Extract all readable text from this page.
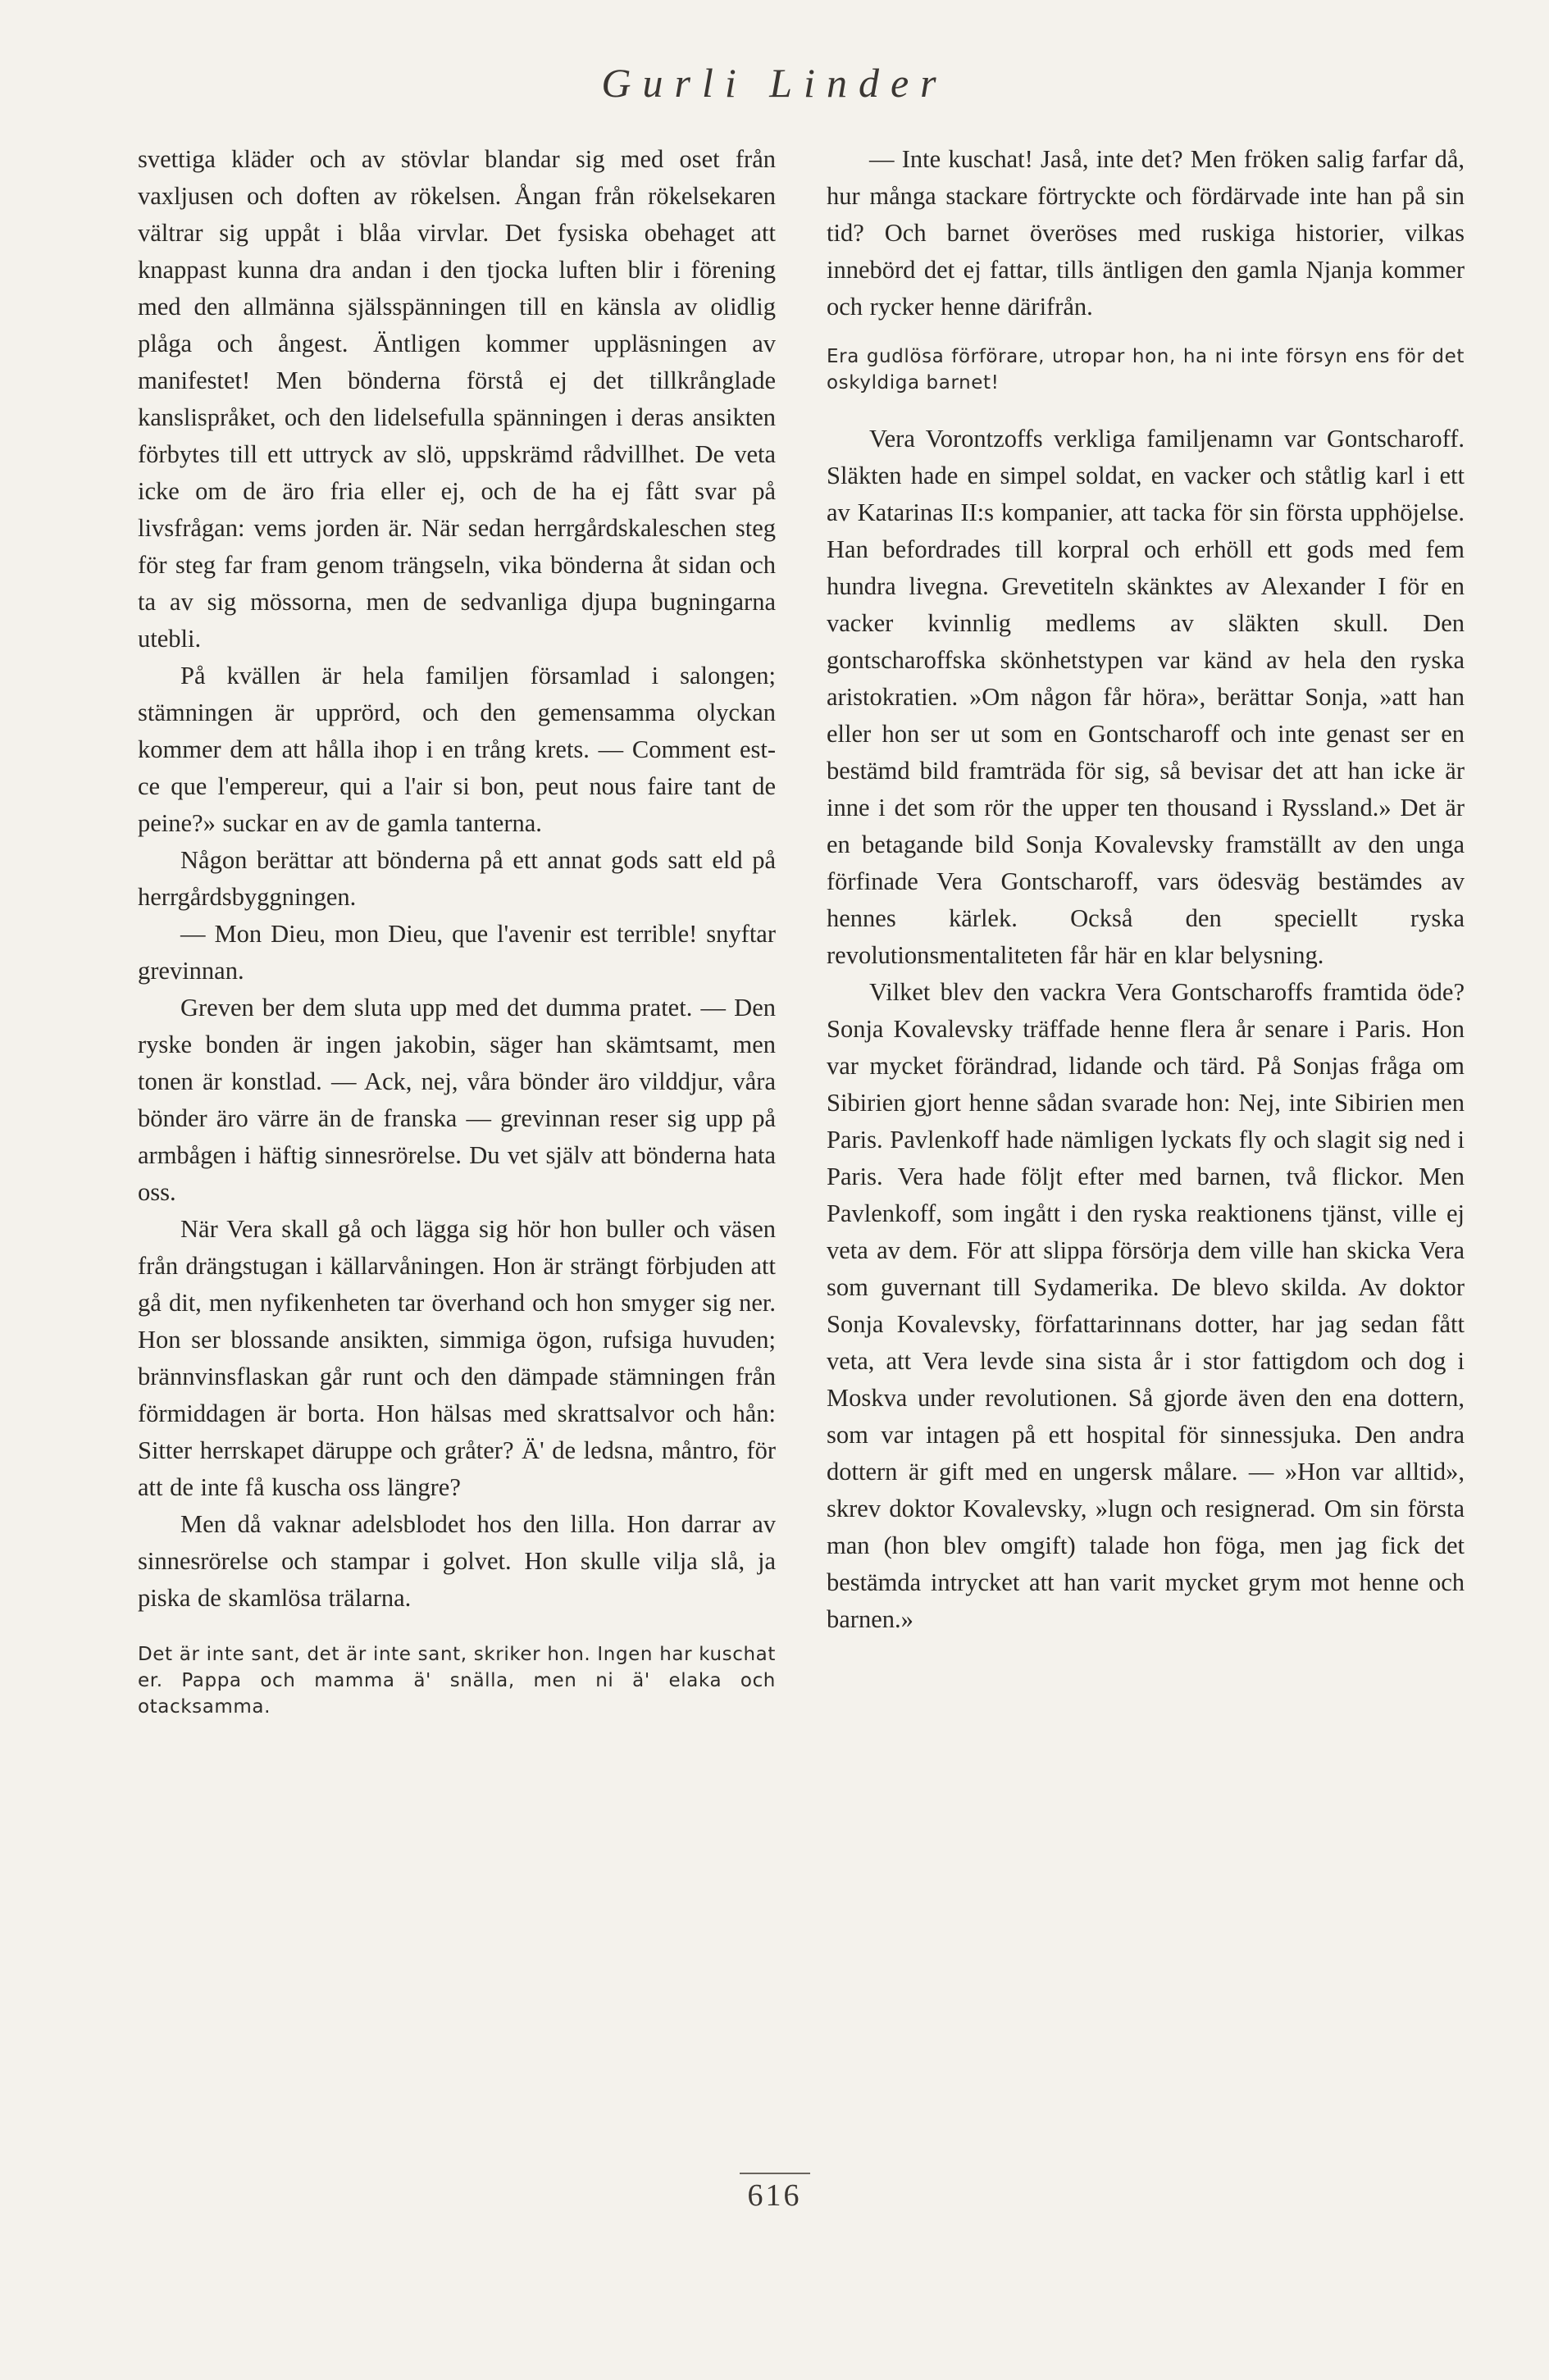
Gurli Linder

svettiga kläder och av stövlar blandar sig med oset från vaxljusen och doften av rökelsen. Ångan från rökelsekaren vältrar sig uppåt i blåa virvlar. Det fysiska obehaget att knappast kunna dra andan i den tjocka luften blir i förening med den allmänna själsspänningen till en känsla av olidlig plåga och ångest. Äntligen kommer uppläsningen av manifestet! Men bönderna förstå ej det tillkrånglade kanslispråket, och den lidelsefulla spänningen i deras ansikten förbytes till ett uttryck av slö, uppskrämd rådvillhet. De veta icke om de äro fria eller ej, och de ha ej fått svar på livsfrågan: vems jorden är. När sedan herrgårdskaleschen steg för steg far fram genom trängseln, vika bönderna åt sidan och ta av sig mössorna, men de sedvanliga djupa bugningarna utebli.

På kvällen är hela familjen församlad i salongen; stämningen är upprörd, och den gemensamma olyckan kommer dem att hålla ihop i en trång krets. — Comment est-ce que l'empereur, qui a l'air si bon, peut nous faire tant de peine?» suckar en av de gamla tanterna.

Någon berättar att bönderna på ett annat gods satt eld på herrgårdsbyggningen.

— Mon Dieu, mon Dieu, que l'avenir est terrible! snyftar grevinnan.

Greven ber dem sluta upp med det dumma pratet. — Den ryske bonden är ingen jakobin, säger han skämtsamt, men tonen är konstlad. — Ack, nej, våra bönder äro vilddjur, våra bönder äro värre än de franska — grevinnan reser sig upp på armbågen i häftig sinnesrörelse. Du vet själv att bönderna hata oss.

När Vera skall gå och lägga sig hör hon buller och väsen från drängstugan i källarvåningen. Hon är strängt förbjuden att gå dit, men nyfikenheten tar överhand och hon smyger sig ner. Hon ser blossande ansikten, simmiga ögon, rufsiga huvuden; brännvinsflaskan går runt och den dämpade stämningen från förmiddagen är borta. Hon hälsas med skrattsalvor och hån: Sitter herrskapet däruppe och gråter? Ä' de ledsna, måntro, för att de inte få kuscha oss längre?

Men då vaknar adelsblodet hos den lilla. Hon darrar av sinnesrörelse och stampar i golvet. Hon skulle vilja slå, ja piska de skamlösa trälarna.

Det är inte sant, det är inte sant, skriker hon. Ingen har kuschat er. Pappa och mamma ä' snälla, men ni ä' elaka och otacksamma.

— Inte kuschat! Jaså, inte det? Men fröken salig farfar då, hur många stackare förtryckte och fördärvade inte han på sin tid? Och barnet överöses med ruskiga historier, vilkas innebörd det ej fattar, tills äntligen den gamla Njanja kommer och rycker henne därifrån.

Era gudlösa förförare, utropar hon, ha ni inte försyn ens för det oskyldiga barnet!

Vera Vorontzoffs verkliga familjenamn var Gontscharoff. Släkten hade en simpel soldat, en vacker och ståtlig karl i ett av Katarinas II:s kompanier, att tacka för sin första upphöjelse. Han befordrades till korpral och erhöll ett gods med fem hundra livegna. Grevetiteln skänktes av Alexander I för en vacker kvinnlig medlems av släkten skull. Den gontscharoffska skönhetstypen var känd av hela den ryska aristokratien. »Om någon får höra», berättar Sonja, »att han eller hon ser ut som en Gontscharoff och inte genast ser en bestämd bild framträda för sig, så bevisar det att han icke är inne i det som rör the upper ten thousand i Ryssland.» Det är en betagande bild Sonja Kovalevsky framställt av den unga förfinade Vera Gontscharoff, vars ödesväg bestämdes av hennes kärlek. Också den speciellt ryska revolutionsmentaliteten får här en klar belysning.

Vilket blev den vackra Vera Gontscharoffs framtida öde? Sonja Kovalevsky träffade henne flera år senare i Paris. Hon var mycket förändrad, lidande och tärd. På Sonjas fråga om Sibirien gjort henne sådan svarade hon: Nej, inte Sibirien men Paris. Pavlenkoff hade nämligen lyckats fly och slagit sig ned i Paris. Vera hade följt efter med barnen, två flickor. Men Pavlenkoff, som ingått i den ryska reaktionens tjänst, ville ej veta av dem. För att slippa försörja dem ville han skicka Vera som guvernant till Sydamerika. De blevo skilda. Av doktor Sonja Kovalevsky, författarinnans dotter, har jag sedan fått veta, att Vera levde sina sista år i stor fattigdom och dog i Moskva under revolutionen. Så gjorde även den ena dottern, som var intagen på ett hospital för sinnessjuka. Den andra dottern är gift med en ungersk målare. — »Hon var alltid», skrev doktor Kovalevsky, »lugn och resignerad. Om sin första man (hon blev omgift) talade hon föga, men jag fick det bestämda intrycket att han varit mycket grym mot henne och barnen.»

616
